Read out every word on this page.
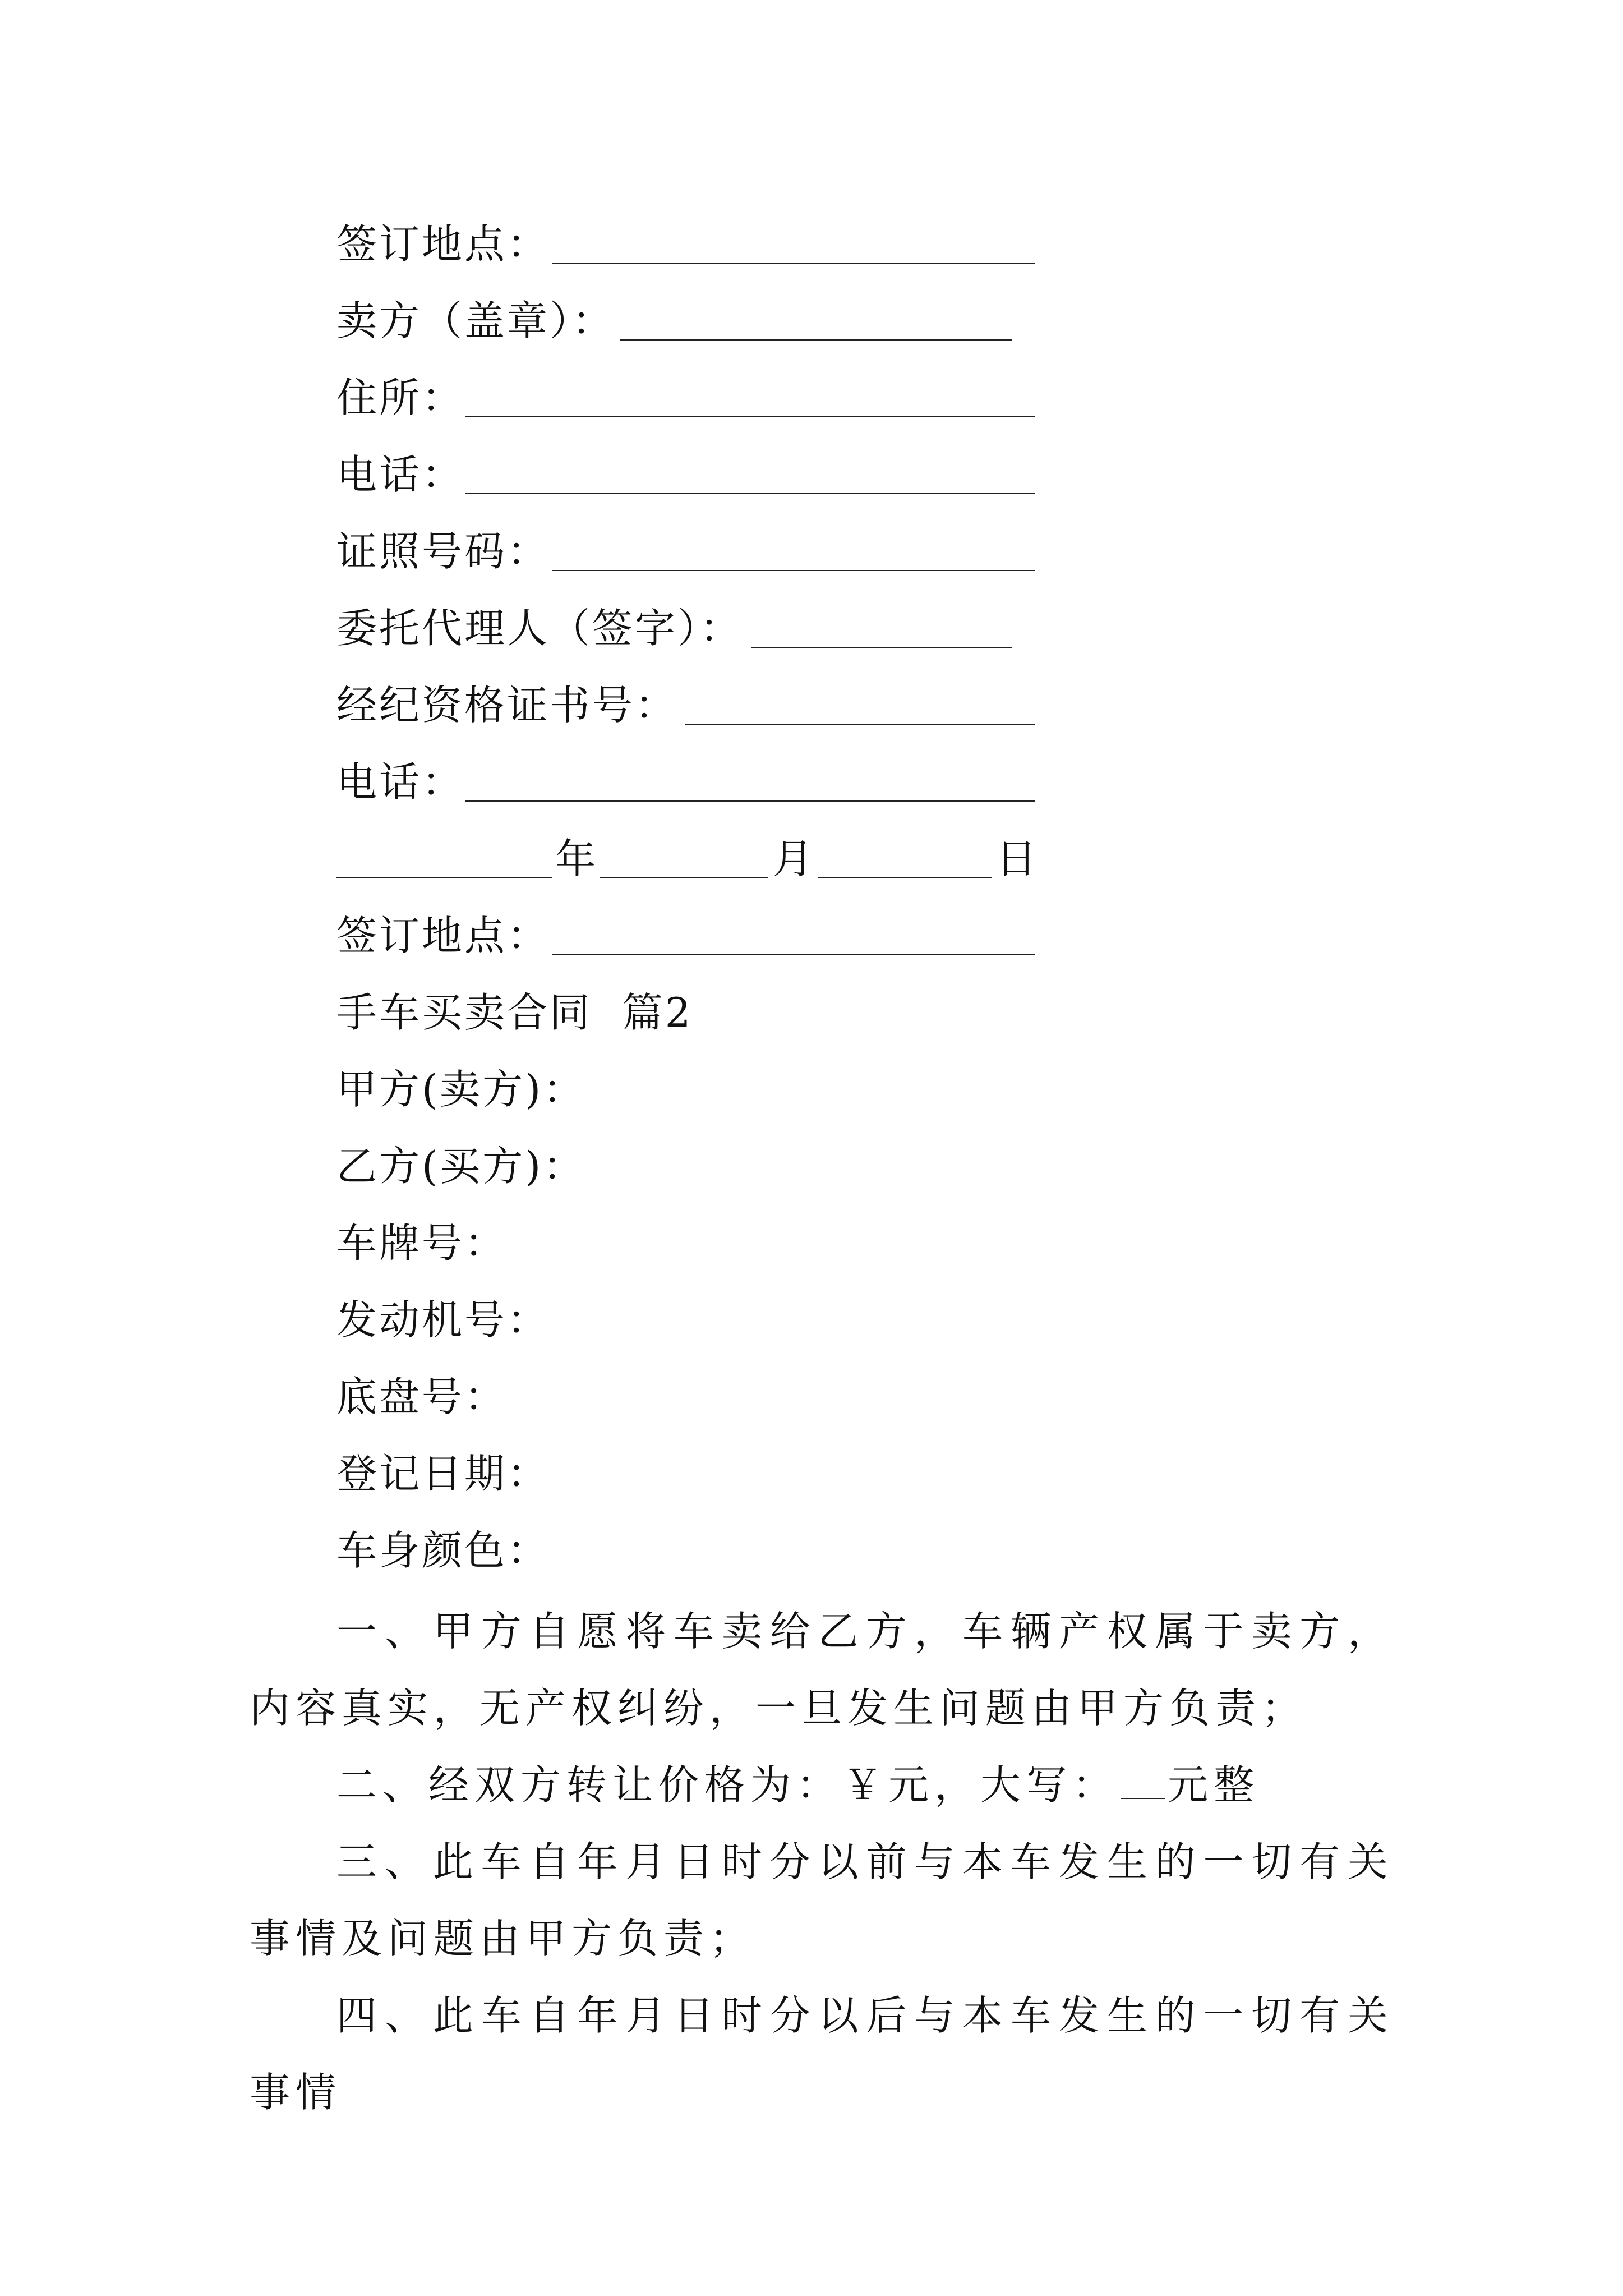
签订地点：
卖方（盖章）：
住所：
电话：
证照号码：
委托代理人（签字）：
经纪资格证书号：
电话：
年	月	日
签订地点：
手车买卖合同  篇2
甲方(卖方)：
乙方(买方)：
车牌号：
发动机号：
底盘号：
登记日期：
车身颜色：
一、甲方自愿将车卖给乙方，车辆产权属于卖方，内容真实，无产权纠纷，一旦发生问题由甲方负责；
二、经双方转让价格为：￥元，大写： 元整
三、此车自年月日时分以前与本车发生的一切有关事情及问题由甲方负责；
四、此车自年月日时分以后与本车发生的一切有关事情
